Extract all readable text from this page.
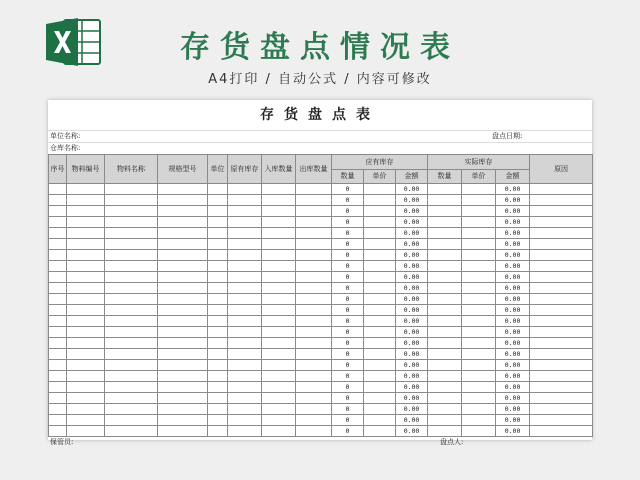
存货盘点情况表
A4打印 / 自动公式 / 内容可修改
存货盘点表
单位名称:	盘点日期:
仓库名称:
序号	物料编号	物料名称	规格型号	单位	原有库存	入库数量	出库数量	应有库存			实际库存			原因
								数量	单价	金额	数量	单价	金额	
								0		0.00			0.00	
								0		0.00			0.00	
								0		0.00			0.00	
								0		0.00			0.00	
								0		0.00			0.00	
								0		0.00			0.00	
								0		0.00			0.00	
								0		0.00			0.00	
								0		0.00			0.00	
								0		0.00			0.00	
								0		0.00			0.00	
								0		0.00			0.00	
								0		0.00			0.00	
								0		0.00			0.00	
								0		0.00			0.00	
								0		0.00			0.00	
								0		0.00			0.00	
								0		0.00			0.00	
								0		0.00			0.00	
								0		0.00			0.00	
								0		0.00			0.00	
								0		0.00			0.00	
								0		0.00			0.00	
保管员:	盘点人:
